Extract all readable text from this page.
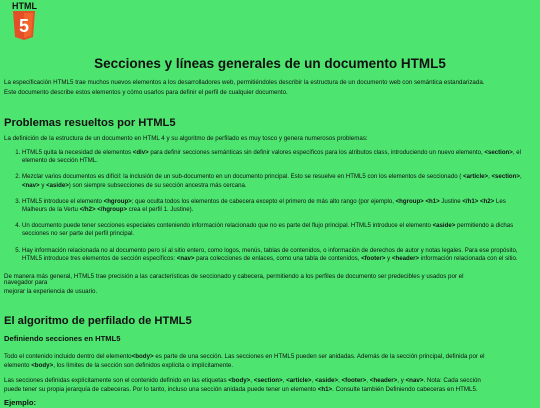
HTML
5
Secciones y líneas generales de un documento HTML5

La especificación HTML5 trae muchos nuevos elementos a los desarrolladores web, permitiéndoles describir la estructura de un documento web con semántica estandarizada.

Este documento describe estos elementos y cómo usarlos para definir el perfil de cualquier documento.

Problemas resueltos por HTML5

La definición de la estructura de un documento en HTML 4 y su algoritmo de perfilado es muy tosco y genera numerosos problemas:

1. HTML5 quita la necesidad de elementos <div> para definir secciones semánticas sin definir valores específicos para los atributos class, introduciendo un nuevo elemento, <section>, el elemento de sección HTML.
2. Mezclar varios documentos es difícil: la inclusión de un sub-documento en un documento principal. Esto se resuelve en HTML5 con los elementos de seccionado ( <article>, <section>, <nav> y <aside>) son siempre subsecciones de su sección ancestra más cercana.
3. HTML5 introduce el elemento <hgroup>; que oculta todos los elementos de cabecera excepto el primero de más alto rango (por ejemplo, <hgroup> <h1> Justine </h1> <h2> Les Malheurs de la Vertu </h2> </hgroup> crea el perfil 1. Justine).
4. Un documento puede tener secciones especiales conteniendo información relacionado que no es parte del flujo principal. HTML5 introduce el elemento <aside> permitiendo a dichas secciones no ser parte del perfil principal.
5. Hay información relacionada no al documento pero sí al sitio entero, como logos, menús, tablas de contenidos, o información de derechos de autor y notas legales. Para ese propósito, HTML5 introduce tres elementos de sección específicos: <nav> para colecciones de enlaces, como una tabla de contenidos, <footer> y <header> información relacionada con el sitio.

De manera más general, HTML5 trae precisión a las características de seccionado y cabecera, permitiendo a los perfiles de documento ser predecibles y usados por el

navegador para

mejorar la experiencia de usuario.

El algoritmo de perfilado de HTML5
Definiendo secciones en HTML5

Todo el contenido incluido dentro del elemento<body> es parte de una sección. Las secciones en HTML5 pueden ser anidadas. Además de la sección principal, definida por el

elemento <body>, los límites de la sección son definidos explícita o implícitamente.

Las secciones definidas explícitamente son el contenido definido en las etiquetas <body>, <section>, <article>, <aside>, <footer>, <header>, y <nav>. Nota: Cada sección

puede tener su propia jerarquía de cabeceras. Por lo tanto, incluso una sección anidada puede tener un elemento <h1>. Consulte también Definiendo cabeceras en HTML5.

Ejemplo:
